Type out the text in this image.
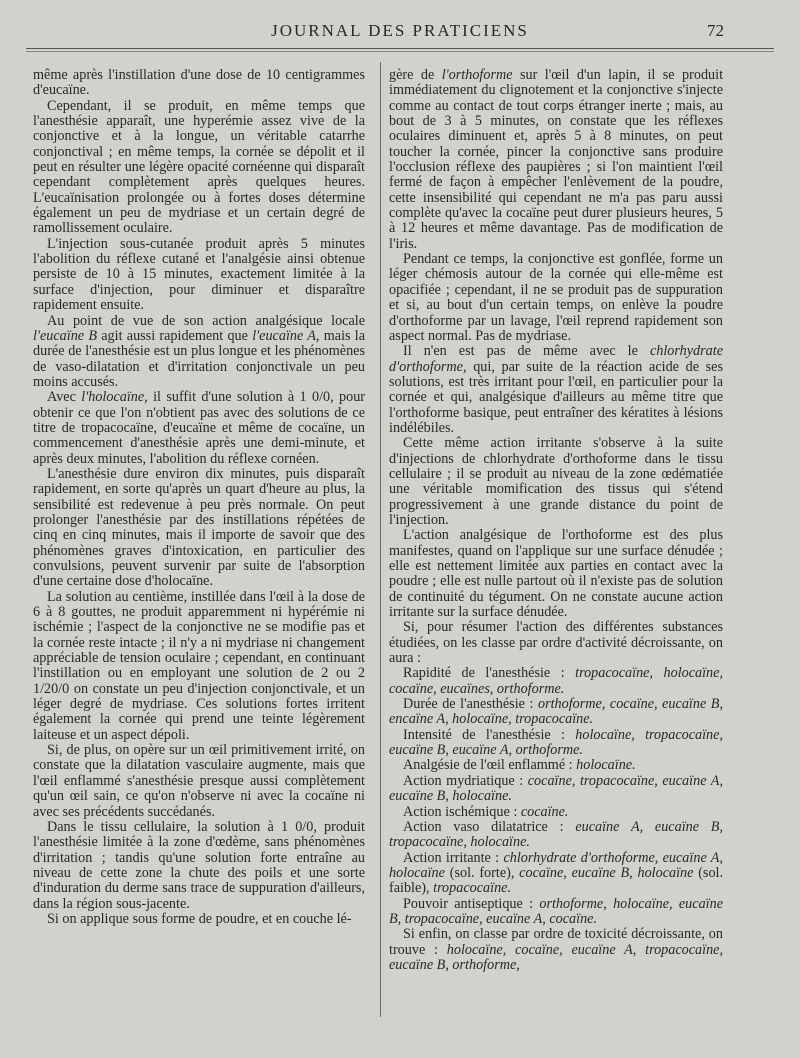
JOURNAL DES PRATICIENS	72

même après l'instillation d'une dose de 10 centigrammes d'eucaïne.

Cependant, il se produit, en même temps que l'anesthésie apparaît, une hyperémie assez vive de la conjonctive et à la longue, un véritable catarrhe conjonctival ; en même temps, la cornée se dépolit et il peut en résulter une légère opacité cornéenne qui disparaît cependant complètement après quelques heures. L'eucaïnisation prolongée ou à fortes doses détermine également un peu de mydriase et un certain degré de ramollissement oculaire.

L'injection sous-cutanée produit après 5 minutes l'abolition du réflexe cutané et l'analgésie ainsi obtenue persiste de 10 à 15 minutes, exactement limitée à la surface d'injection, pour diminuer et disparaître rapidement ensuite.

Au point de vue de son action analgésique locale l'eucaïne B agit aussi rapidement que l'eucaïne A, mais la durée de l'anesthésie est un plus longue et les phénomènes de vaso-dilatation et d'irritation conjonctivale un peu moins accusés.

Avec l'holocaïne, il suffit d'une solution à 1 0/0, pour obtenir ce que l'on n'obtient pas avec des solutions de ce titre de tropacocaïne, d'eucaïne et même de cocaïne, un commencement d'anesthésie après une demi-minute, et après deux minutes, l'abolition du réflexe cornéen.

L'anesthésie dure environ dix minutes, puis disparaît rapidement, en sorte qu'après un quart d'heure au plus, la sensibilité est redevenue à peu près normale. On peut prolonger l'anesthésie par des instillations répétées de cinq en cinq minutes, mais il importe de savoir que des phénomènes graves d'intoxication, en particulier des convulsions, peuvent survenir par suite de l'absorption d'une certaine dose d'holocaïne.

La solution au centième, instillée dans l'œil à la dose de 6 à 8 gouttes, ne produit apparemment ni hypérémie ni ischémie ; l'aspect de la conjonctive ne se modifie pas et la cornée reste intacte ; il n'y a ni mydriase ni changement appréciable de tension oculaire ; cependant, en continuant l'instillation ou en employant une solution de 2 ou 2 1/20/0 on constate un peu d'injection conjonctivale, et un léger degré de mydriase. Ces solutions fortes irritent également la cornée qui prend une teinte légèrement laiteuse et un aspect dépoli.

Si, de plus, on opère sur un œil primitivement irrité, on constate que la dilatation vasculaire augmente, mais que l'œil enflammé s'anesthésie presque aussi complètement qu'un œil sain, ce qu'on n'observe ni avec la cocaïne ni avec ses précédents succédanés.

Dans le tissu cellulaire, la solution à 1 0/0, produit l'anesthésie limitée à la zone d'œdème, sans phénomènes d'irritation ; tandis qu'une solution forte entraîne au niveau de cette zone la chute des poils et une sorte d'induration du derme sans trace de suppuration d'ailleurs, dans la région sous-jacente.

Si on applique sous forme de poudre, et en couche lé-

gère de l'orthoforme sur l'œil d'un lapin, il se produit immédiatement du clignotement et la conjonctive s'injecte comme au contact de tout corps étranger inerte ; mais, au bout de 3 à 5 minutes, on constate que les réflexes oculaires diminuent et, après 5 à 8 minutes, on peut toucher la cornée, pincer la conjonctive sans produire l'occlusion réflexe des paupières ; si l'on maintient l'œil fermé de façon à empêcher l'enlèvement de la poudre, cette insensibilité qui cependant ne m'a pas paru aussi complète qu'avec la cocaïne peut durer plusieurs heures, 5 à 12 heures et même davantage. Pas de modification de l'iris.

Pendant ce temps, la conjonctive est gonflée, forme un léger chémosis autour de la cornée qui elle-même est opacifiée ; cependant, il ne se produit pas de suppuration et si, au bout d'un certain temps, on enlève la poudre d'orthoforme par un lavage, l'œil reprend rapidement son aspect normal. Pas de mydriase.

Il n'en est pas de même avec le chlorhydrate d'orthoforme, qui, par suite de la réaction acide de ses solutions, est très irritant pour l'œil, en particulier pour la cornée et qui, analgésique d'ailleurs au même titre que l'orthoforme basique, peut entraîner des kératites à lésions indélébiles.

Cette même action irritante s'observe à la suite d'injections de chlorhydrate d'orthoforme dans le tissu cellulaire ; il se produit au niveau de la zone œdématiée une véritable momification des tissus qui s'étend progressivement à une grande distance du point de l'injection.

L'action analgésique de l'orthoforme est des plus manifestes, quand on l'applique sur une surface dénudée ; elle est nettement limitée aux parties en contact avec la poudre ; elle est nulle partout où il n'existe pas de solution de continuité du tégument. On ne constate aucune action irritante sur la surface dénudée.

Si, pour résumer l'action des différentes substances étudiées, on les classe par ordre d'activité décroissante, on aura :

Rapidité de l'anesthésie : tropacocaïne, holocaïne, cocaïne, eucaïnes, orthoforme.

Durée de l'anesthésie : orthoforme, cocaïne, eucaïne B, encaïne A, holocaïne, tropacocaïne.

Intensité de l'anesthésie : holocaïne, tropacocaïne, eucaïne B, eucaïne A, orthoforme.

Analgésie de l'œil enflammé : holocaïne.

Action mydriatique : cocaïne, tropacocaïne, eucaïne A, eucaïne B, holocaïne.

Action ischémique : cocaïne.

Action vaso dilatatrice : eucaïne A, eucaïne B, tropacocaïne, holocaïne.

Action irritante : chlorhydrate d'orthoforme, eucaïne A, holocaïne (sol. forte), cocaïne, eucaïne B, holocaïne (sol. faible), tropacocaïne.

Pouvoir antiseptique : orthoforme, holocaïne, eucaïne B, tropacocaïne, eucaïne A, cocaïne.

Si enfin, on classe par ordre de toxicité décroissante, on trouve : holocaïne, cocaïne, eucaïne A, tropacocaïne, eucaïne B, orthoforme,
